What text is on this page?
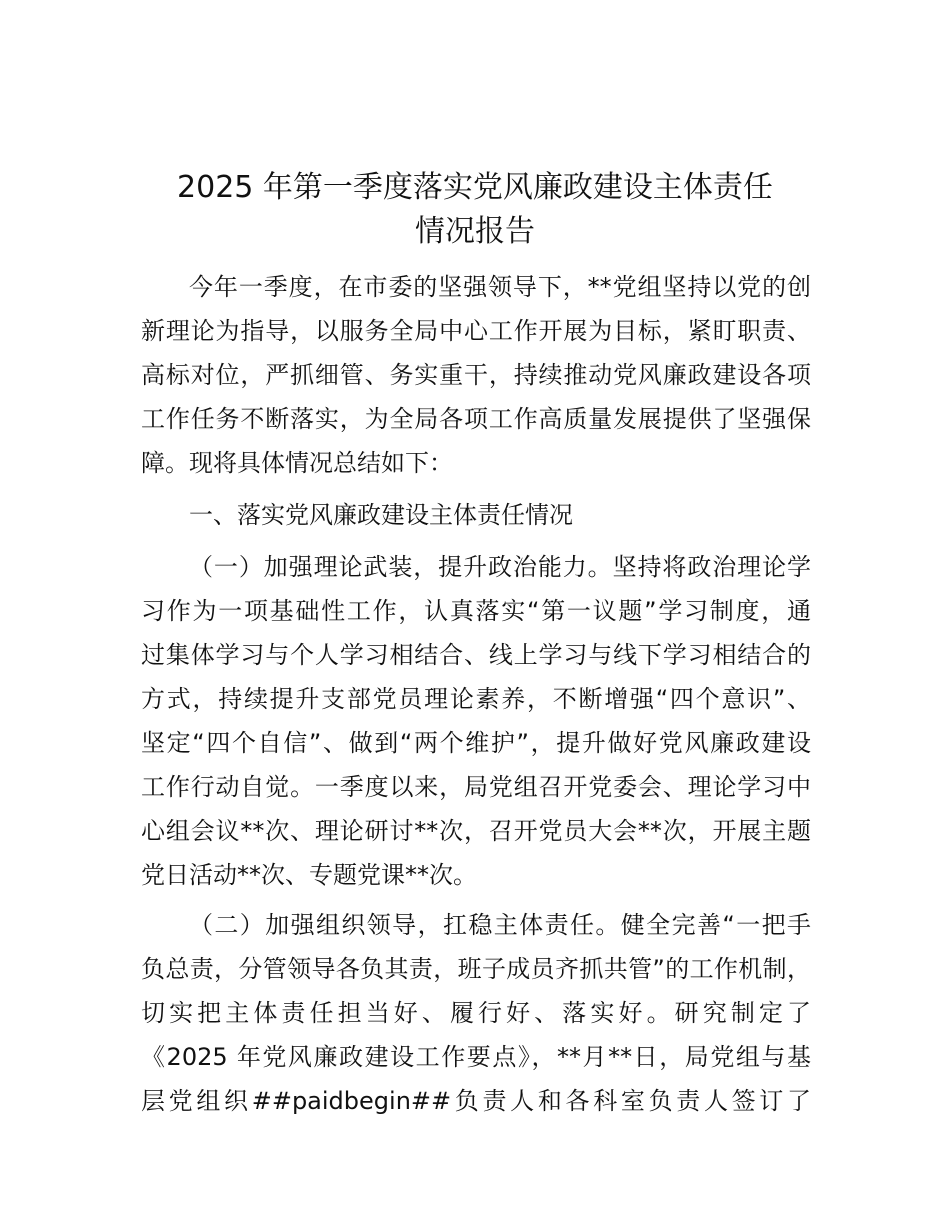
2025 年第一季度落实党风廉政建设主体责任
情况报告

今年一季度，在市委的坚强领导下，**党组坚持以党的创

新理论为指导，以服务全局中心工作开展为目标，紧盯职责、

高标对位，严抓细管、务实重干，持续推动党风廉政建设各项

工作任务不断落实，为全局各项工作高质量发展提供了坚强保

障。现将具体情况总结如下：

一、落实党风廉政建设主体责任情况

（一）加强理论武装，提升政治能力。坚持将政治理论学

习作为一项基础性工作，认真落实“第一议题”学习制度，通

过集体学习与个人学习相结合、线上学习与线下学习相结合的

方式，持续提升支部党员理论素养，不断增强“四个意识”、

坚定“四个自信”、做到“两个维护”，提升做好党风廉政建设

工作行动自觉。一季度以来，局党组召开党委会、理论学习中

心组会议**次、理论研讨**次，召开党员大会**次，开展主题

党日活动**次、专题党课**次。

（二）加强组织领导，扛稳主体责任。健全完善“一把手

负总责，分管领导各负其责，班子成员齐抓共管”的工作机制，

切实把主体责任担当好、履行好、落实好。研究制定了

《2025 年党风廉政建设工作要点》，**月**日，局党组与基

层党组织##paidbegin##负责人和各科室负责人签订了
